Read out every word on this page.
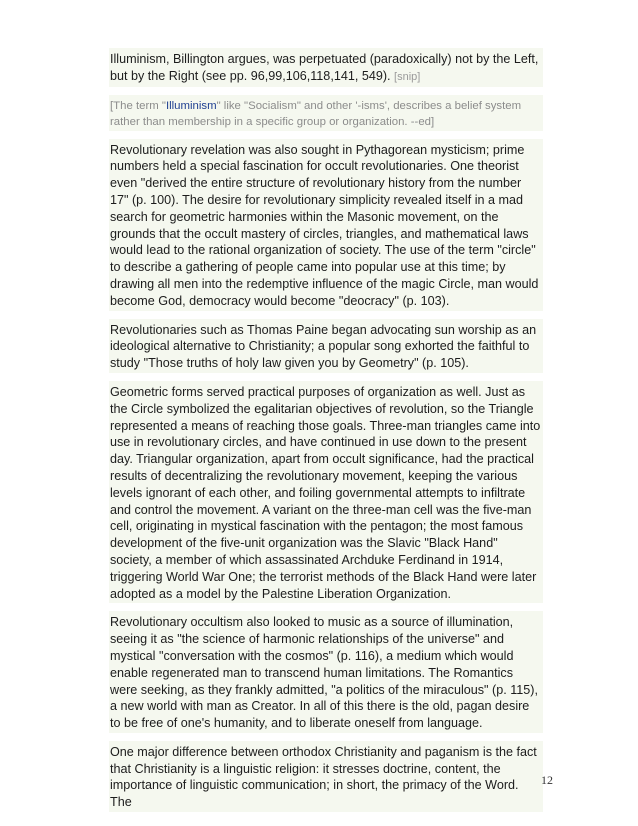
Illuminism, Billington argues, was perpetuated (paradoxically) not by the Left, but by the Right (see pp. 96,99,106,118,141, 549). [snip]
[The term "Illuminism" like "Socialism" and other '-isms', describes a belief system rather than membership in a specific group or organization. --ed]
Revolutionary revelation was also sought in Pythagorean mysticism; prime numbers held a special fascination for occult revolutionaries. One theorist even "derived the entire structure of revolutionary history from the number 17" (p. 100). The desire for revolutionary simplicity revealed itself in a mad search for geometric harmonies within the Masonic movement, on the grounds that the occult mastery of circles, triangles, and mathematical laws would lead to the rational organization of society. The use of the term "circle" to describe a gathering of people came into popular use at this time; by drawing all men into the redemptive influence of the magic Circle, man would become God, democracy would become "deocracy" (p. 103).
Revolutionaries such as Thomas Paine began advocating sun worship as an ideological alternative to Christianity; a popular song exhorted the faithful to study "Those truths of holy law given you by Geometry" (p. 105).
Geometric forms served practical purposes of organization as well. Just as the Circle symbolized the egalitarian objectives of revolution, so the Triangle represented a means of reaching those goals. Three-man triangles came into use in revolutionary circles, and have continued in use down to the present day. Triangular organization, apart from occult significance, had the practical results of decentralizing the revolutionary movement, keeping the various levels ignorant of each other, and foiling governmental attempts to infiltrate and control the movement. A variant on the three-man cell was the five-man cell, originating in mystical fascination with the pentagon; the most famous development of the five-unit organization was the Slavic "Black Hand" society, a member of which assassinated Archduke Ferdinand in 1914, triggering World War One; the terrorist methods of the Black Hand were later adopted as a model by the Palestine Liberation Organization.
Revolutionary occultism also looked to music as a source of illumination, seeing it as "the science of harmonic relationships of the universe" and mystical "conversation with the cosmos" (p. 116), a medium which would enable regenerated man to transcend human limitations. The Romantics were seeking, as they frankly admitted, "a politics of the miraculous" (p. 115), a new world with man as Creator. In all of this there is the old, pagan desire to be free of one's humanity, and to liberate oneself from language.
One major difference between orthodox Christianity and paganism is the fact that Christianity is a linguistic religion: it stresses doctrine, content, the importance of linguistic communication; in short, the primacy of the Word. The
12
